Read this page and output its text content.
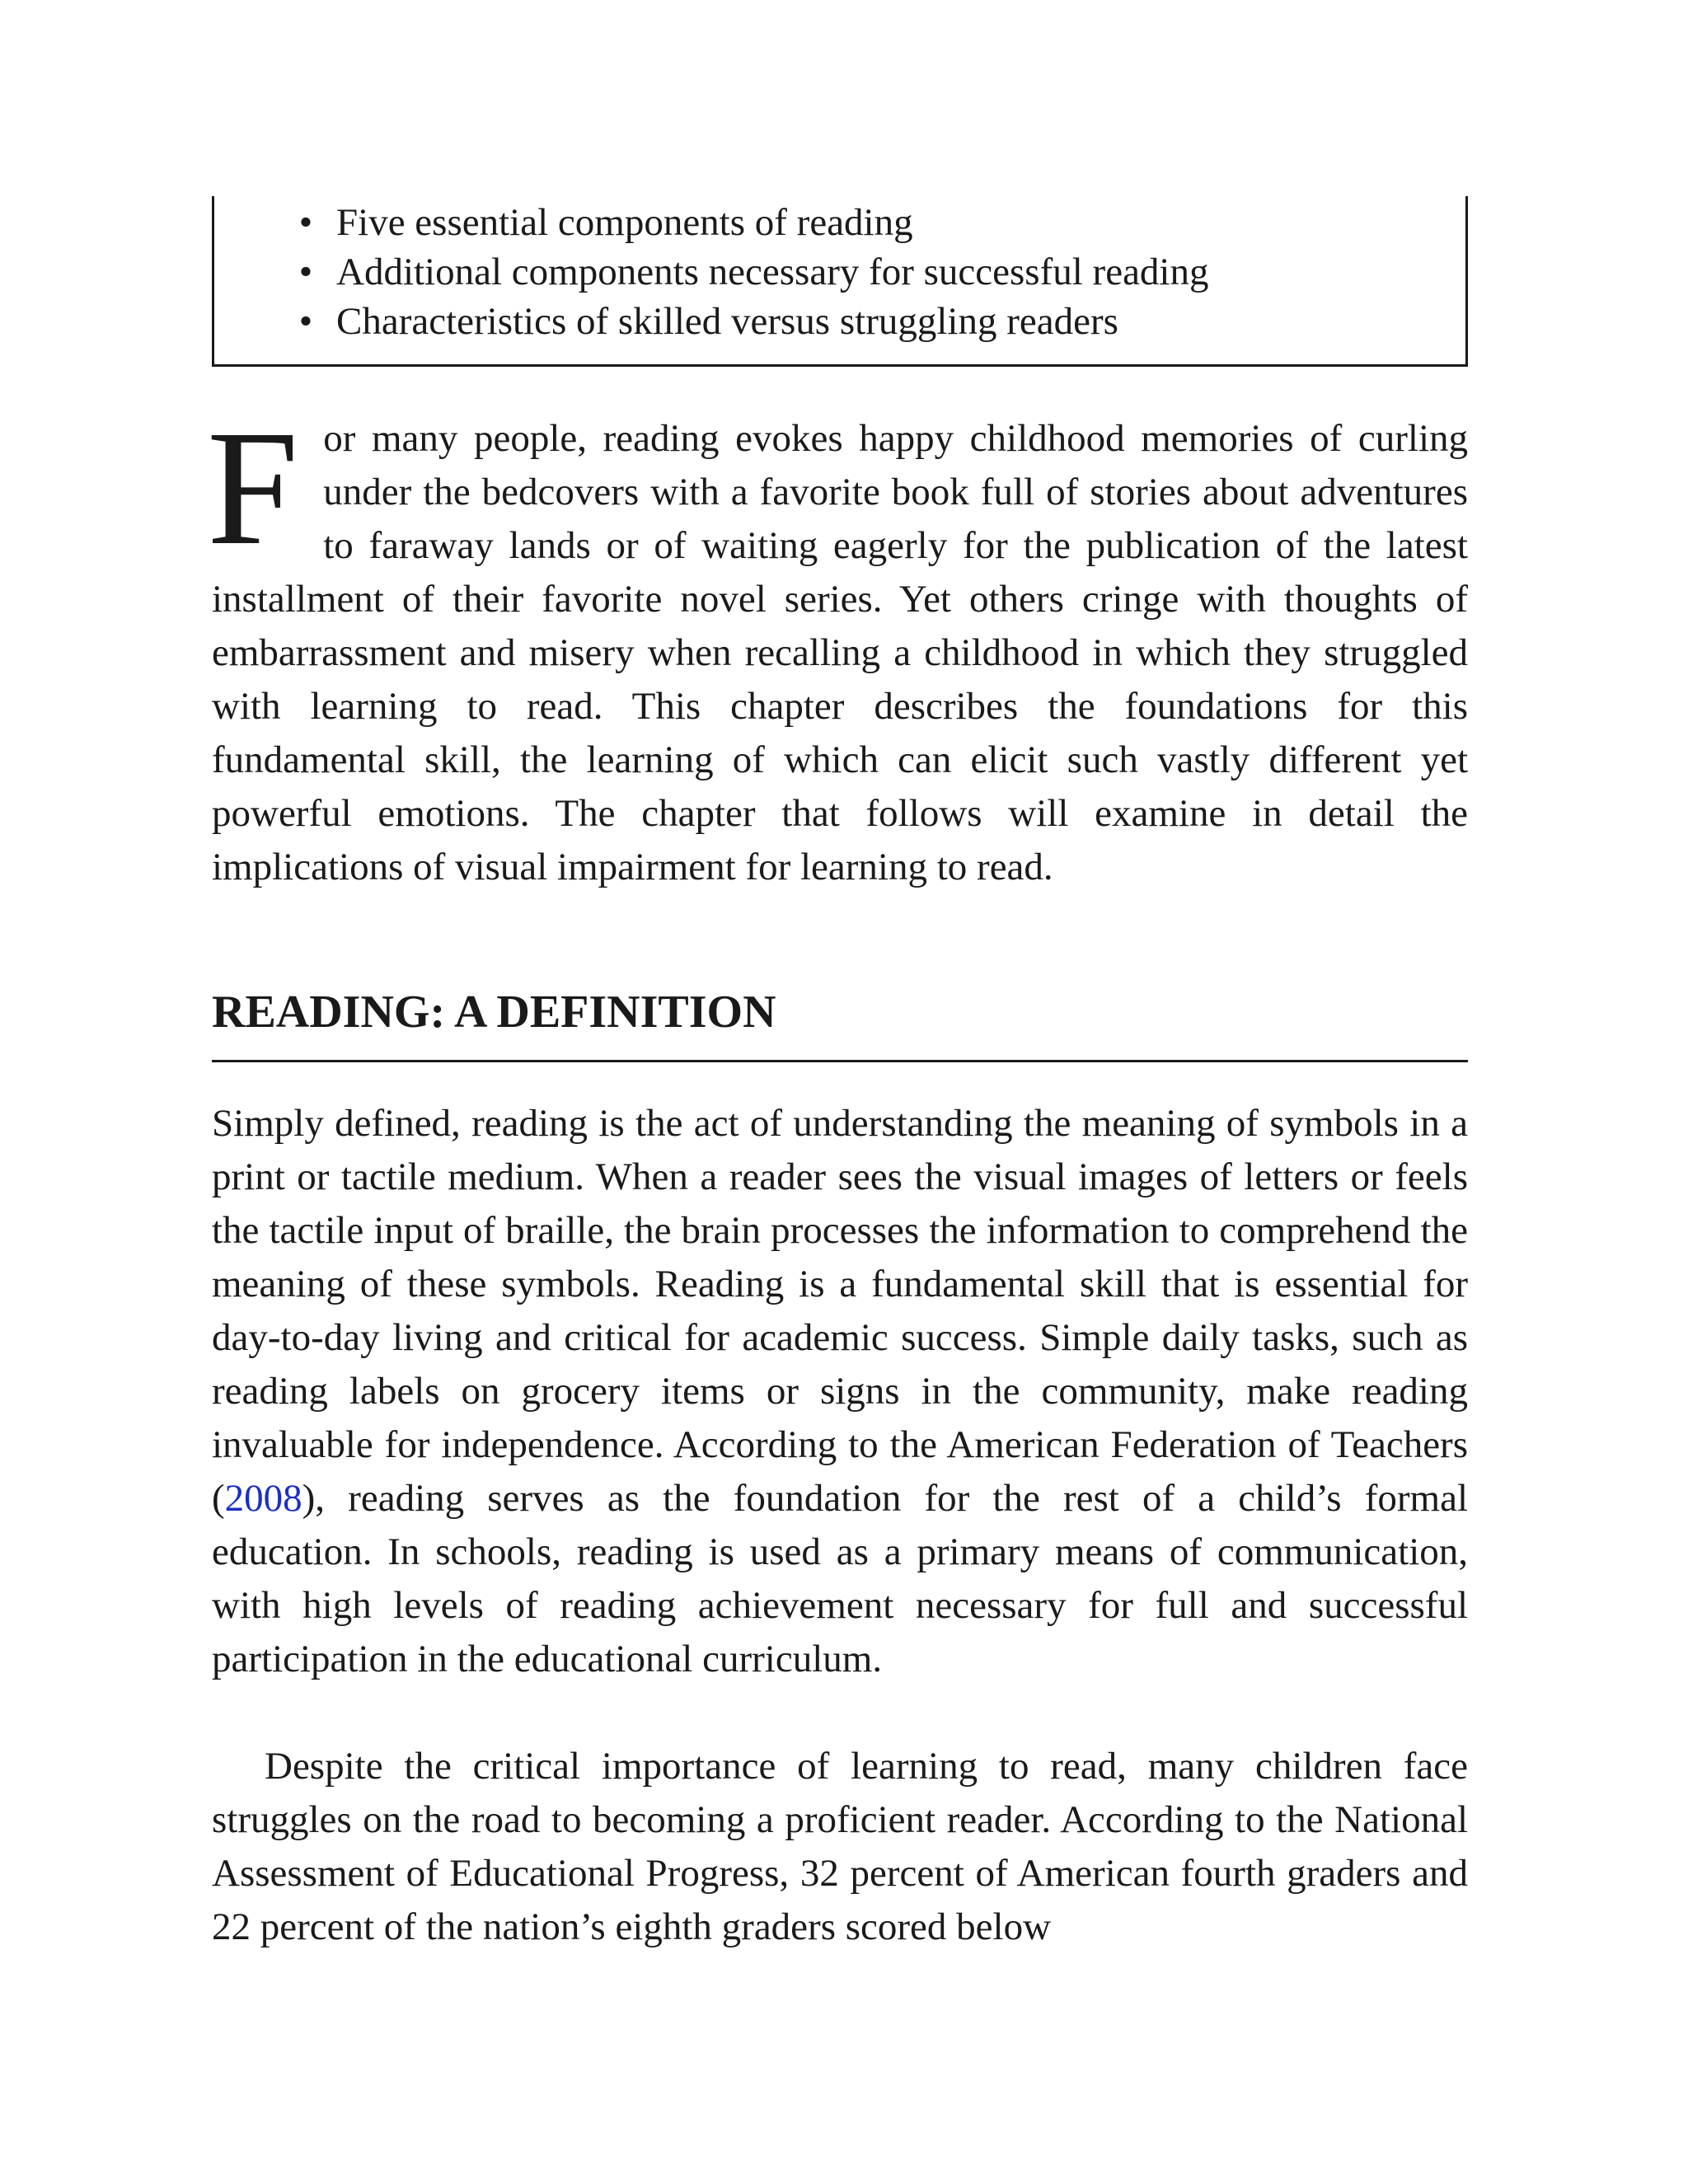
• Five essential components of reading
• Additional components necessary for successful reading
• Characteristics of skilled versus struggling readers

For many people, reading evokes happy childhood memories of curling under the bedcovers with a favorite book full of stories about adventures to faraway lands or of waiting eagerly for the publication of the latest installment of their favorite novel series. Yet others cringe with thoughts of embarrassment and misery when recalling a childhood in which they struggled with learning to read. This chapter describes the foundations for this fundamental skill, the learning of which can elicit such vastly different yet powerful emotions. The chapter that follows will examine in detail the implications of visual impairment for learning to read.

READING: A DEFINITION

Simply defined, reading is the act of understanding the meaning of symbols in a print or tactile medium. When a reader sees the visual images of letters or feels the tactile input of braille, the brain processes the information to comprehend the meaning of these symbols. Reading is a fundamental skill that is essential for day-to-day living and critical for academic success. Simple daily tasks, such as reading labels on grocery items or signs in the community, make reading invaluable for independence. According to the American Federation of Teachers (2008), reading serves as the foundation for the rest of a child’s formal education. In schools, reading is used as a primary means of communication, with high levels of reading achievement necessary for full and successful participation in the educational curriculum.

Despite the critical importance of learning to read, many children face struggles on the road to becoming a proficient reader. According to the National Assessment of Educational Progress, 32 percent of American fourth graders and 22 percent of the nation’s eighth graders scored below
